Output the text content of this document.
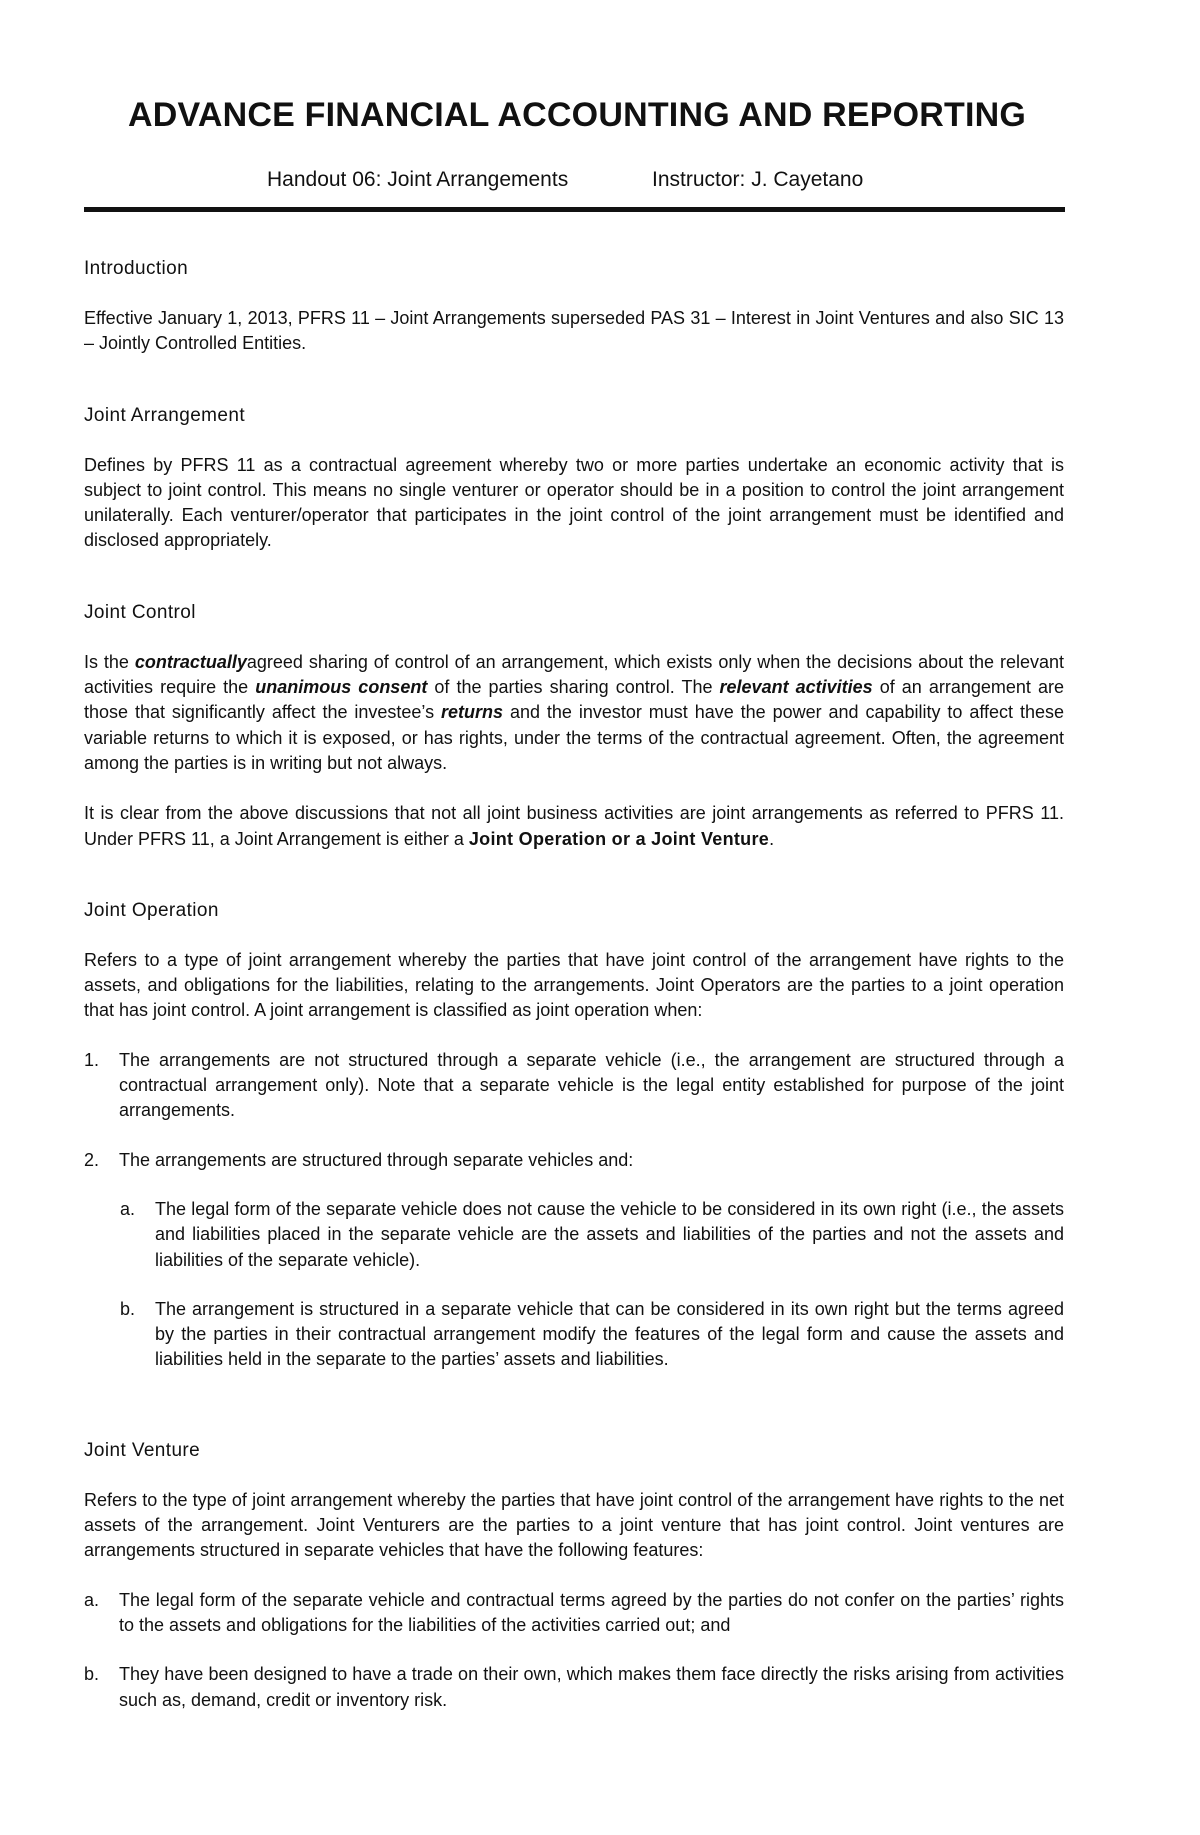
ADVANCE FINANCIAL ACCOUNTING AND REPORTING
Handout 06: Joint Arrangements	Instructor: J. Cayetano
Introduction

Effective January 1, 2013, PFRS 11 – Joint Arrangements superseded PAS 31 – Interest in Joint Ventures and also SIC 13 – Jointly Controlled Entities.

Joint Arrangement

Defines by PFRS 11 as a contractual agreement whereby two or more parties undertake an economic activity that is subject to joint control. This means no single venturer or operator should be in a position to control the joint arrangement unilaterally. Each venturer/operator that participates in the joint control of the joint arrangement must be identified and disclosed appropriately.

Joint Control

Is the contractuallyagreed sharing of control of an arrangement, which exists only when the decisions about the relevant activities require the unanimous consent of the parties sharing control. The relevant activities of an arrangement are those that significantly affect the investee’s returns and the investor must have the power and capability to affect these variable returns to which it is exposed, or has rights, under the terms of the contractual agreement. Often, the agreement among the parties is in writing but not always.

It is clear from the above discussions that not all joint business activities are joint arrangements as referred to PFRS 11. Under PFRS 11, a Joint Arrangement is either a Joint Operation or a Joint Venture.

Joint Operation

Refers to a type of joint arrangement whereby the parties that have joint control of the arrangement have rights to the assets, and obligations for the liabilities, relating to the arrangements. Joint Operators are the parties to a joint operation that has joint control. A joint arrangement is classified as joint operation when:

1. The arrangements are not structured through a separate vehicle (i.e., the arrangement are structured through a contractual arrangement only). Note that a separate vehicle is the legal entity established for purpose of the joint arrangements.
2. The arrangements are structured through separate vehicles and:
a. The legal form of the separate vehicle does not cause the vehicle to be considered in its own right (i.e., the assets and liabilities placed in the separate vehicle are the assets and liabilities of the parties and not the assets and liabilities of the separate vehicle).
b. The arrangement is structured in a separate vehicle that can be considered in its own right but the terms agreed by the parties in their contractual arrangement modify the features of the legal form and cause the assets and liabilities held in the separate to the parties’ assets and liabilities.
Joint Venture

Refers to the type of joint arrangement whereby the parties that have joint control of the arrangement have rights to the net assets of the arrangement. Joint Venturers are the parties to a joint venture that has joint control. Joint ventures are arrangements structured in separate vehicles that have the following features:

a. The legal form of the separate vehicle and contractual terms agreed by the parties do not confer on the parties’ rights to the assets and obligations for the liabilities of the activities carried out; and
b. They have been designed to have a trade on their own, which makes them face directly the risks arising from activities such as, demand, credit or inventory risk.
